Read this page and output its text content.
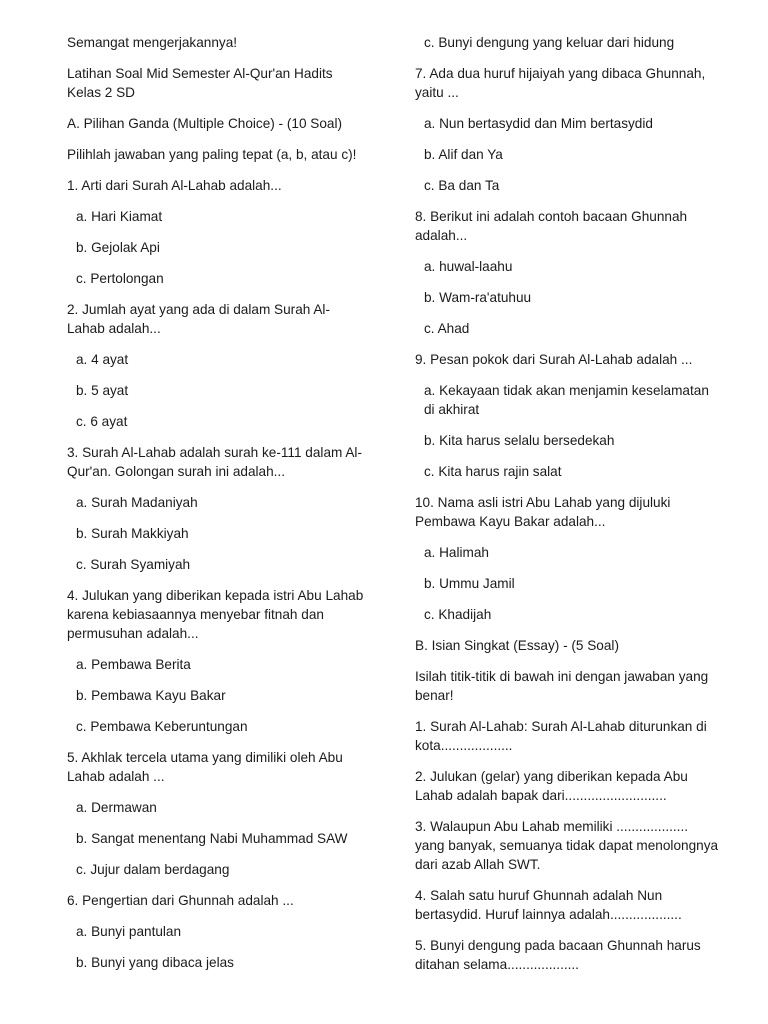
Semangat mengerjakannya!

Latihan Soal Mid Semester Al-Qur'an Hadits Kelas 2 SD

A. Pilihan Ganda (Multiple Choice) - (10 Soal)

Pilihlah jawaban yang paling tepat (a, b, atau c)!

1. Arti dari Surah Al-Lahab adalah...

a. Hari Kiamat

b. Gejolak Api

c. Pertolongan

2. Jumlah ayat yang ada di dalam Surah Al-Lahab adalah...

a. 4 ayat

b. 5 ayat

c. 6 ayat

3. Surah Al-Lahab adalah surah ke-111 dalam Al-Qur'an. Golongan surah ini adalah...

a. Surah Madaniyah

b. Surah Makkiyah

c. Surah Syamiyah

4. Julukan yang diberikan kepada istri Abu Lahab karena kebiasaannya menyebar fitnah dan permusuhan adalah...

a. Pembawa Berita

b. Pembawa Kayu Bakar

c. Pembawa Keberuntungan

5. Akhlak tercela utama yang dimiliki oleh Abu Lahab adalah ...

a. Dermawan

b. Sangat menentang Nabi Muhammad SAW

c. Jujur dalam berdagang

6. Pengertian dari Ghunnah adalah ...

a. Bunyi pantulan

b. Bunyi yang dibaca jelas

c. Bunyi dengung yang keluar dari hidung

7. Ada dua huruf hijaiyah yang dibaca Ghunnah, yaitu ...

a. Nun bertasydid dan Mim bertasydid

b. Alif dan Ya

c. Ba dan Ta

8. Berikut ini adalah contoh bacaan Ghunnah adalah...

a. huwal-laahu

b. Wam-ra'atuhuu

c. Ahad

9. Pesan pokok dari Surah Al-Lahab adalah ...

a. Kekayaan tidak akan menjamin keselamatan di akhirat

b. Kita harus selalu bersedekah

c. Kita harus rajin salat

10. Nama asli istri Abu Lahab yang dijuluki Pembawa Kayu Bakar adalah...

a. Halimah

b. Ummu Jamil

c. Khadijah

B. Isian Singkat (Essay) - (5 Soal)

Isilah titik-titik di bawah ini dengan jawaban yang benar!

1. Surah Al-Lahab: Surah Al-Lahab diturunkan di kota...................

2. Julukan (gelar) yang diberikan kepada Abu Lahab adalah bapak dari...........................

3. Walaupun Abu Lahab memiliki ................... yang banyak, semuanya tidak dapat menolongnya dari azab Allah SWT.

4. Salah satu huruf Ghunnah adalah Nun bertasydid. Huruf lainnya adalah...................

5. Bunyi dengung pada bacaan Ghunnah harus ditahan selama...................
